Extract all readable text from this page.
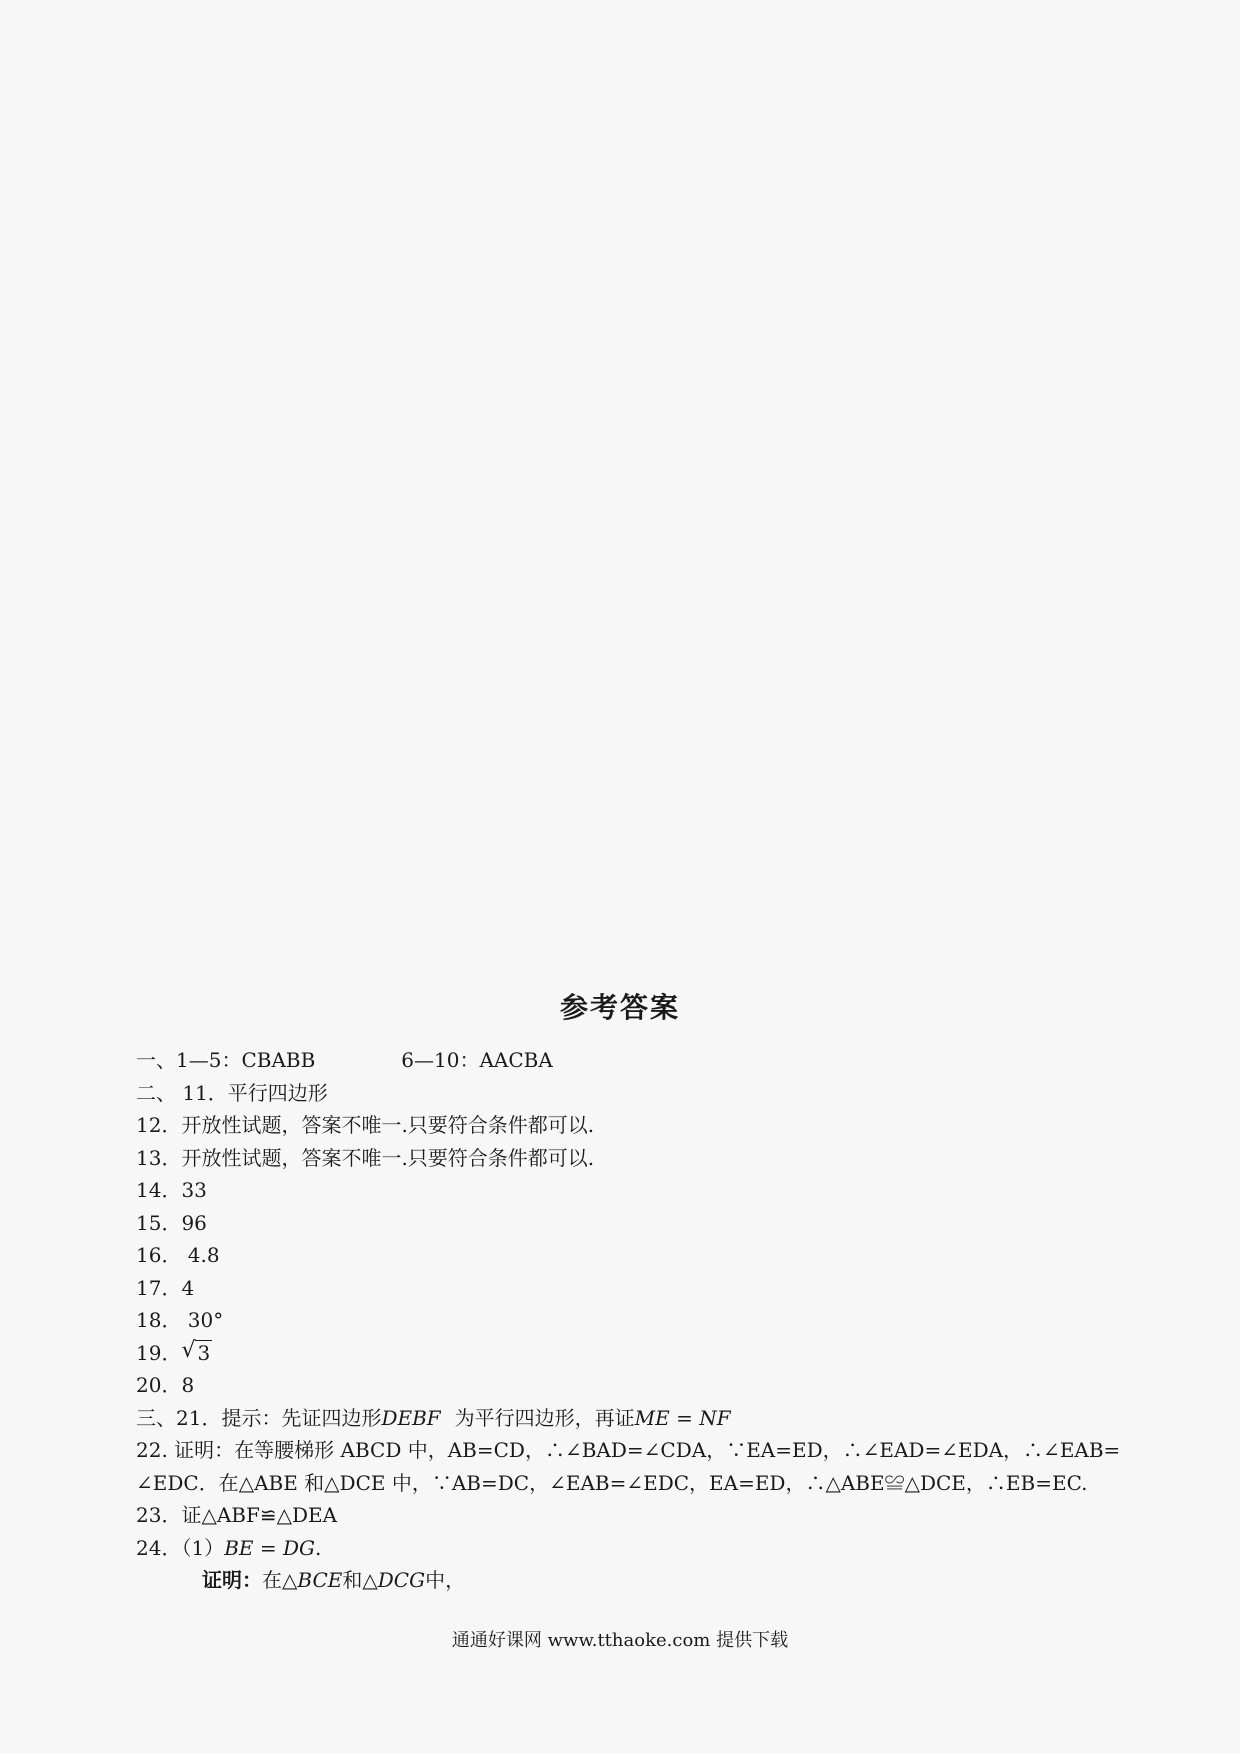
参考答案
一、1—5：CBABB	6—10：AACBA
二、 11．平行四边形
12．开放性试题，答案不唯一.只要符合条件都可以.
13．开放性试题，答案不唯一.只要符合条件都可以.
14．33
15．96
16． 4.8
17．4
18． 30°
19． √ 3
20．8
三、21．提示：先证四边形DEBF 为平行四边形，再证ME = NF
22. 证明：在等腰梯形 ABCD 中，AB=CD，∴∠BAD=∠CDA，∵EA=ED，∴∠EAD=∠EDA，∴∠EAB=
∠EDC．在△ABE 和△DCE 中，∵AB=DC，∠EAB=∠EDC，EA=ED，∴△ABE≌△DCE，∴EB=EC.
23．证△ABF≌△DEA
24．（1）BE = DG.
证明：在△BCE和△DCG中，
通通好课网 www.tthaoke.com 提供下载
